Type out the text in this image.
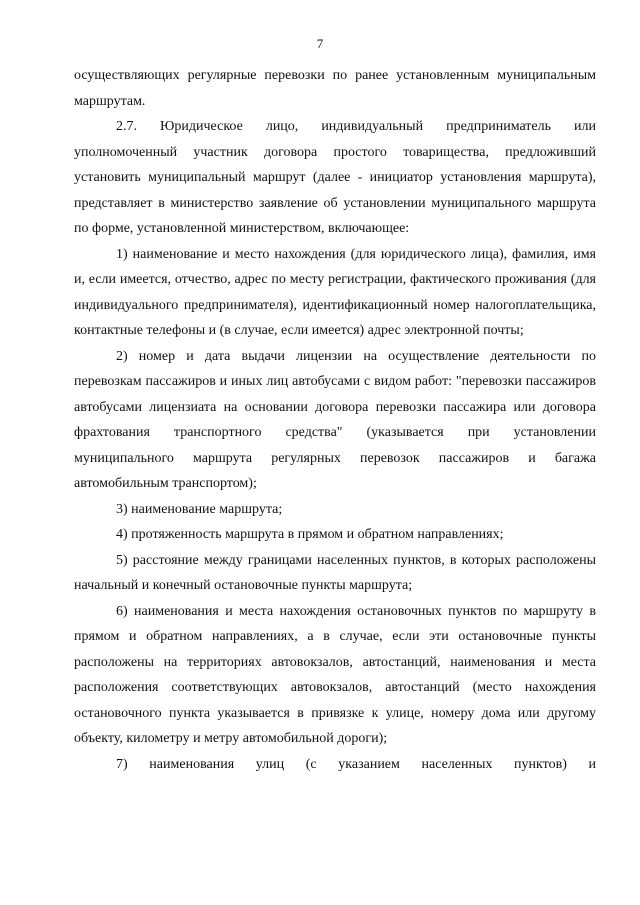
7

осуществляющих регулярные перевозки по ранее установленным муниципальным маршрутам.

2.7. Юридическое лицо, индивидуальный предприниматель или уполномоченный участник договора простого товарищества, предложивший установить муниципальный маршрут (далее - инициатор установления маршрута), представляет в министерство заявление об установлении муниципального маршрута по форме, установленной министерством, включающее:

1) наименование и место нахождения (для юридического лица), фамилия, имя и, если имеется, отчество, адрес по месту регистрации, фактического проживания (для индивидуального предпринимателя), идентификационный номер налогоплательщика, контактные телефоны и (в случае, если имеется) адрес электронной почты;

2) номер и дата выдачи лицензии на осуществление деятельности по перевозкам пассажиров и иных лиц автобусами с видом работ: "перевозки пассажиров автобусами лицензиата на основании договора перевозки пассажира или договора фрахтования транспортного средства" (указывается при установлении муниципального маршрута регулярных перевозок пассажиров и багажа автомобильным транспортом);

3) наименование маршрута;

4) протяженность маршрута в прямом и обратном направлениях;

5) расстояние между границами населенных пунктов, в которых расположены начальный и конечный остановочные пункты маршрута;

6) наименования и места нахождения остановочных пунктов по маршруту в прямом и обратном направлениях, а в случае, если эти остановочные пункты расположены на территориях автовокзалов, автостанций, наименования и места расположения соответствующих автовокзалов, автостанций (место нахождения остановочного пункта указывается в привязке к улице, номеру дома или другому объекту, километру и метру автомобильной дороги);

7) наименования улиц (с указанием населенных пунктов) и
